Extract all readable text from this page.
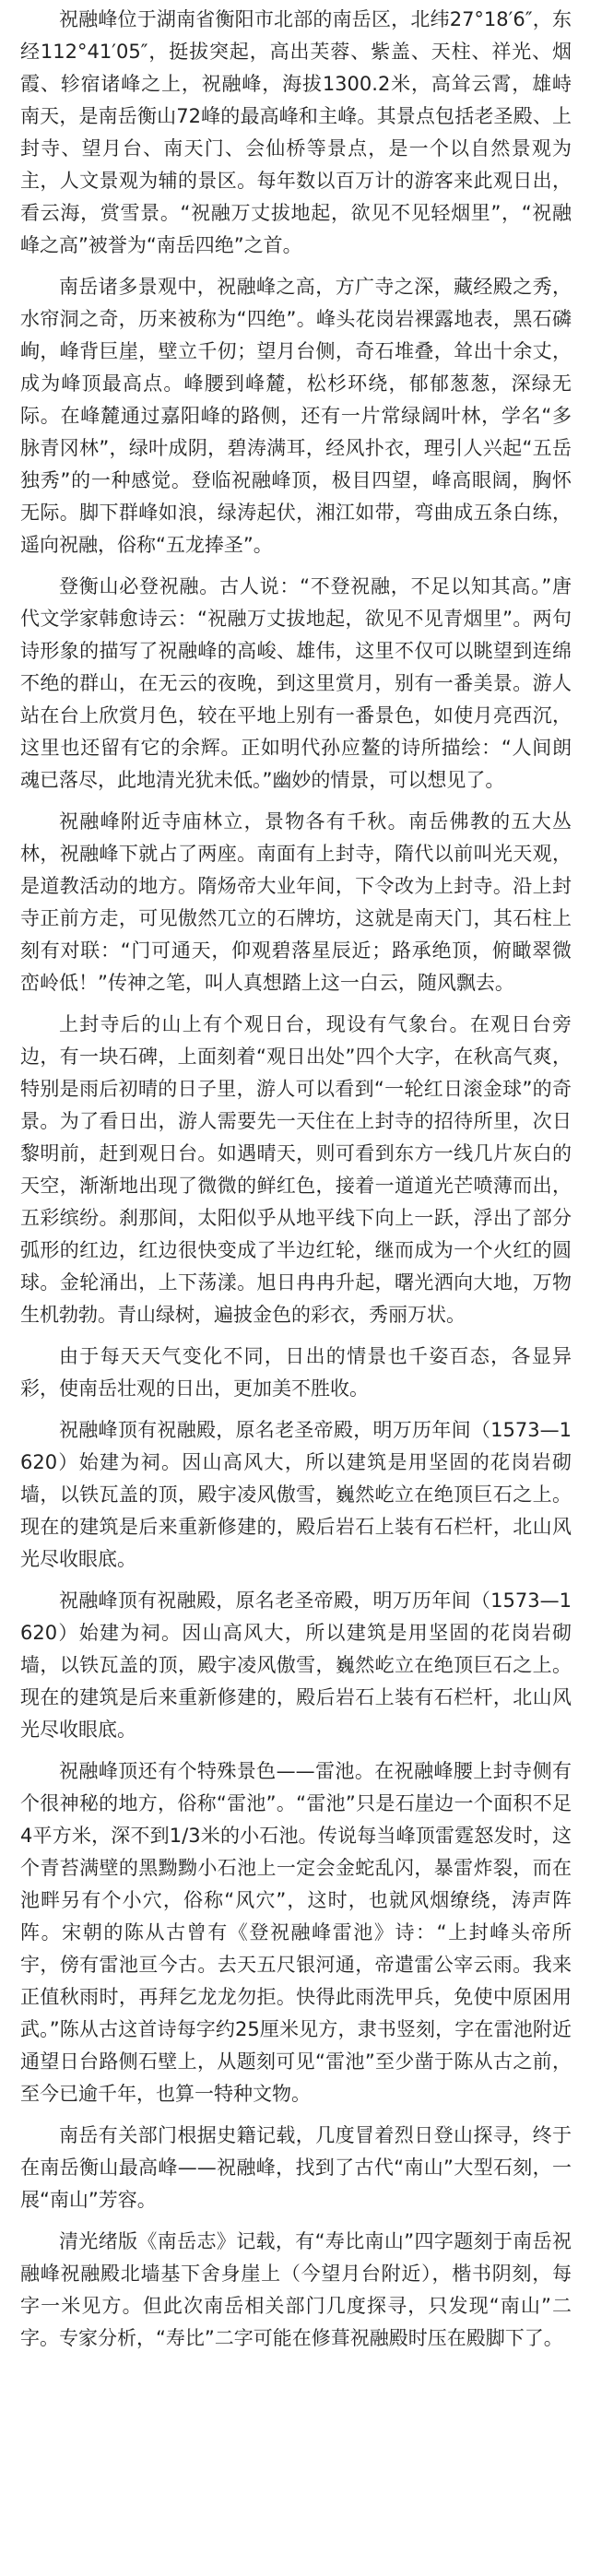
祝融峰位于湖南省衡阳市北部的南岳区，北纬27°18′6″，东经112°41′05″，挺拔突起，高出芙蓉、紫盖、天柱、祥光、烟霞、轸宿诸峰之上，祝融峰，海拔1300.2米，高耸云霄，雄峙南天，是南岳衡山72峰的最高峰和主峰。其景点包括老圣殿、上封寺、望月台、南天门、会仙桥等景点，是一个以自然景观为主，人文景观为辅的景区。每年数以百万计的游客来此观日出，看云海，赏雪景。“祝融万丈拔地起，欲见不见轻烟里”，“祝融峰之高”被誉为“南岳四绝”之首。

南岳诸多景观中，祝融峰之高，方广寺之深，藏经殿之秀，水帘洞之奇，历来被称为“四绝”。峰头花岗岩裸露地表，黑石磷峋，峰背巨崖，壁立千仞；望月台侧，奇石堆叠，耸出十余丈，成为峰顶最高点。峰腰到峰麓，松杉环绕，郁郁葱葱，深绿无际。在峰麓通过嘉阳峰的路侧，还有一片常绿阔叶林，学名“多脉青冈林”，绿叶成阴，碧涛满耳，经风扑衣，理引人兴起“五岳独秀”的一种感觉。登临祝融峰顶，极目四望，峰高眼阔，胸怀无际。脚下群峰如浪，绿涛起伏，湘江如带，弯曲成五条白练，遥向祝融，俗称“五龙捧圣”。

登衡山必登祝融。古人说：“不登祝融，不足以知其高。”唐代文学家韩愈诗云：“祝融万丈拔地起，欲见不见青烟里”。两句诗形象的描写了祝融峰的高峻、雄伟，这里不仅可以眺望到连绵不绝的群山，在无云的夜晚，到这里赏月，别有一番美景。游人站在台上欣赏月色，较在平地上别有一番景色，如使月亮西沉，这里也还留有它的余辉。正如明代孙应鳌的诗所描绘：“人间朗魂已落尽，此地清光犹未低。”幽妙的情景，可以想见了。

祝融峰附近寺庙林立，景物各有千秋。南岳佛教的五大丛林，祝融峰下就占了两座。南面有上封寺，隋代以前叫光天观，是道教活动的地方。隋炀帝大业年间，下令改为上封寺。沿上封寺正前方走，可见傲然兀立的石牌坊，这就是南天门，其石柱上刻有对联：“门可通天，仰观碧落星辰近；路承绝顶，俯瞰翠微峦岭低！”传神之笔，叫人真想踏上这一白云，随风飘去。

上封寺后的山上有个观日台，现设有气象台。在观日台旁边，有一块石碑，上面刻着“观日出处”四个大字，在秋高气爽，特别是雨后初晴的日子里，游人可以看到“一轮红日滚金球”的奇景。为了看日出，游人需要先一天住在上封寺的招待所里，次日黎明前，赶到观日台。如遇晴天，则可看到东方一线几片灰白的天空，渐渐地出现了微微的鲜红色，接着一道道光芒喷薄而出，五彩缤纷。刹那间，太阳似乎从地平线下向上一跃，浮出了部分弧形的红边，红边很快变成了半边红轮，继而成为一个火红的圆球。金轮涌出，上下荡漾。旭日冉冉升起，曙光洒向大地，万物生机勃勃。青山绿树，遍披金色的彩衣，秀丽万状。

由于每天天气变化不同，日出的情景也千姿百态，各显异彩，使南岳壮观的日出，更加美不胜收。

祝融峰顶有祝融殿，原名老圣帝殿，明万历年间（1573—1620）始建为祠。因山高风大，所以建筑是用坚固的花岗岩砌墙，以铁瓦盖的顶，殿宇凌风傲雪，巍然屹立在绝顶巨石之上。现在的建筑是后来重新修建的，殿后岩石上装有石栏杆，北山风光尽收眼底。

祝融峰顶有祝融殿，原名老圣帝殿，明万历年间（1573—1620）始建为祠。因山高风大，所以建筑是用坚固的花岗岩砌墙，以铁瓦盖的顶，殿宇凌风傲雪，巍然屹立在绝顶巨石之上。现在的建筑是后来重新修建的，殿后岩石上装有石栏杆，北山风光尽收眼底。

祝融峰顶还有个特殊景色——雷池。在祝融峰腰上封寺侧有个很神秘的地方，俗称“雷池”。“雷池”只是石崖边一个面积不足4平方米，深不到1/3米的小石池。传说每当峰顶雷霆怒发时，这个青苔满壁的黑黝黝小石池上一定会金蛇乱闪，暴雷炸裂，而在池畔另有个小穴，俗称“风穴”，这时，也就风烟缭绕，涛声阵阵。宋朝的陈从古曾有《登祝融峰雷池》诗：“上封峰头帝所宇，傍有雷池亘今古。去天五尺银河通，帝遣雷公宰云雨。我来正值秋雨时，再拜乞龙龙勿拒。快得此雨洗甲兵，免使中原困用武。”陈从古这首诗每字约25厘米见方，隶书竖刻，字在雷池附近通望日台路侧石壁上，从题刻可见“雷池”至少凿于陈从古之前，至今已逾千年，也算一特种文物。

南岳有关部门根据史籍记载，几度冒着烈日登山探寻，终于在南岳衡山最高峰——祝融峰，找到了古代“南山”大型石刻，一展“南山”芳容。

清光绪版《南岳志》记载，有“寿比南山”四字题刻于南岳祝融峰祝融殿北墙基下舍身崖上（今望月台附近），楷书阴刻，每字一米见方。但此次南岳相关部门几度探寻，只发现“南山”二字。专家分析，“寿比”二字可能在修葺祝融殿时压在殿脚下了。
